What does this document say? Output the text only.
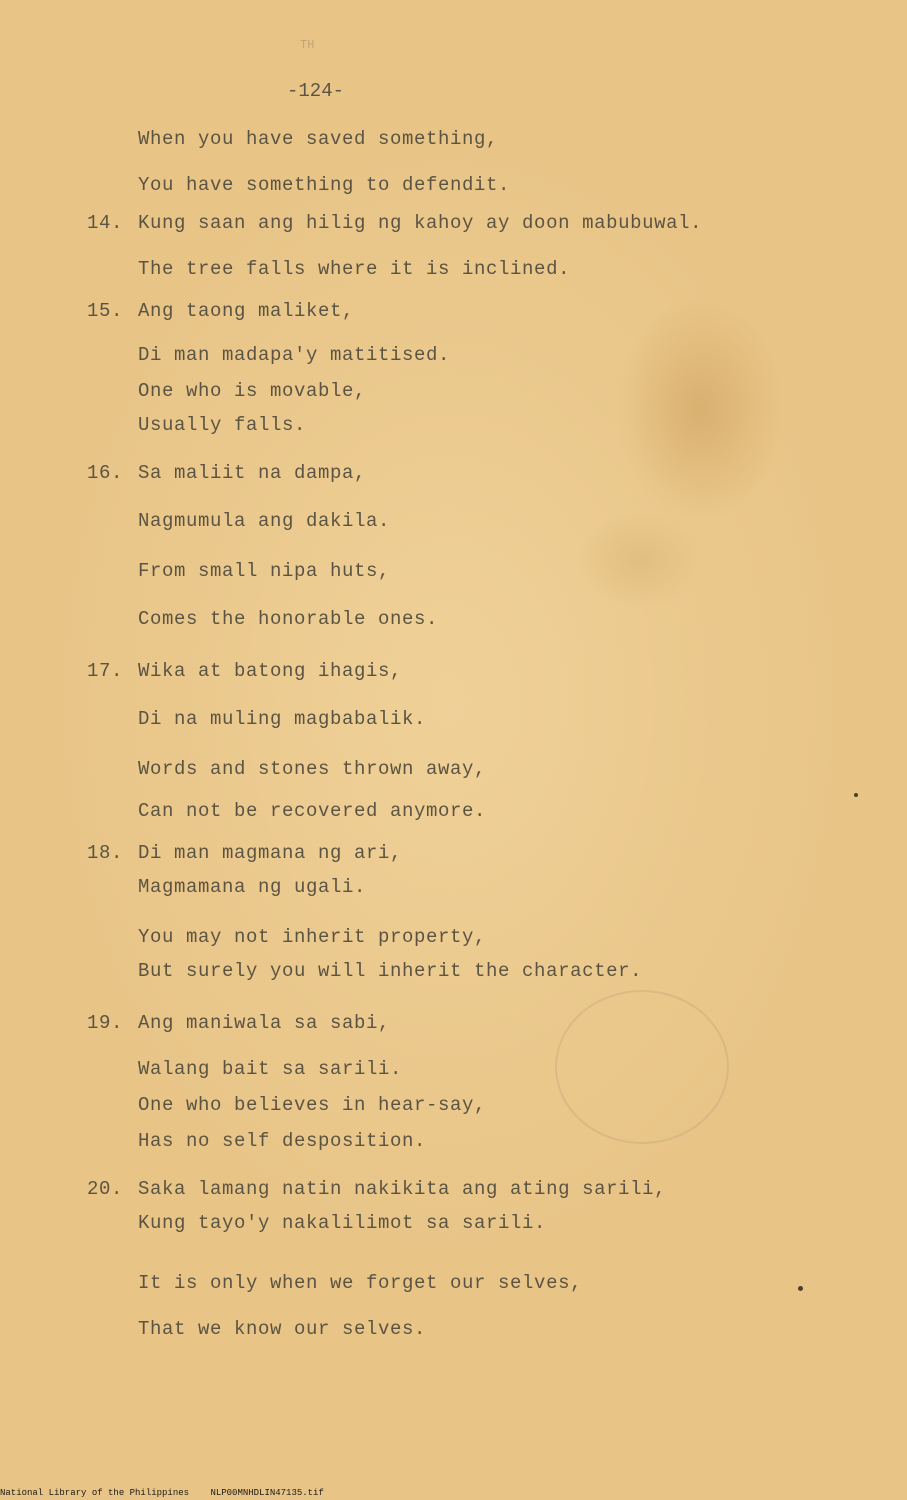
TH
-124-
When you have saved something,
You have something to defendit.
14. Kung saan ang hilig ng kahoy ay doon mabubuwal.
The tree falls where it is inclined.
15. Ang taong maliket,
Di man madapa'y matitised.
One who is movable,
Usually falls.
16. Sa maliit na dampa,
Nagmumula ang dakila.
From small nipa huts,
Comes the honorable ones.
17. Wika at batong ihagis,
Di na muling magbabalik.
Words and stones thrown away,
Can not be recovered anymore.
18. Di man magmana ng ari,
Magmamana ng ugali.
You may not inherit property,
But surely you will inherit the character.
19. Ang maniwala sa sabi,
Walang bait sa sarili.
One who believes in hear-say,
Has no self desposition.
20. Saka lamang natin nakikita ang ating sarili,
Kung tayo'y nakalilimot sa sarili.
It is only when we forget our selves,
That we know our selves.
National Library of the Philippines NLP00MNHDLIN47135.tif
